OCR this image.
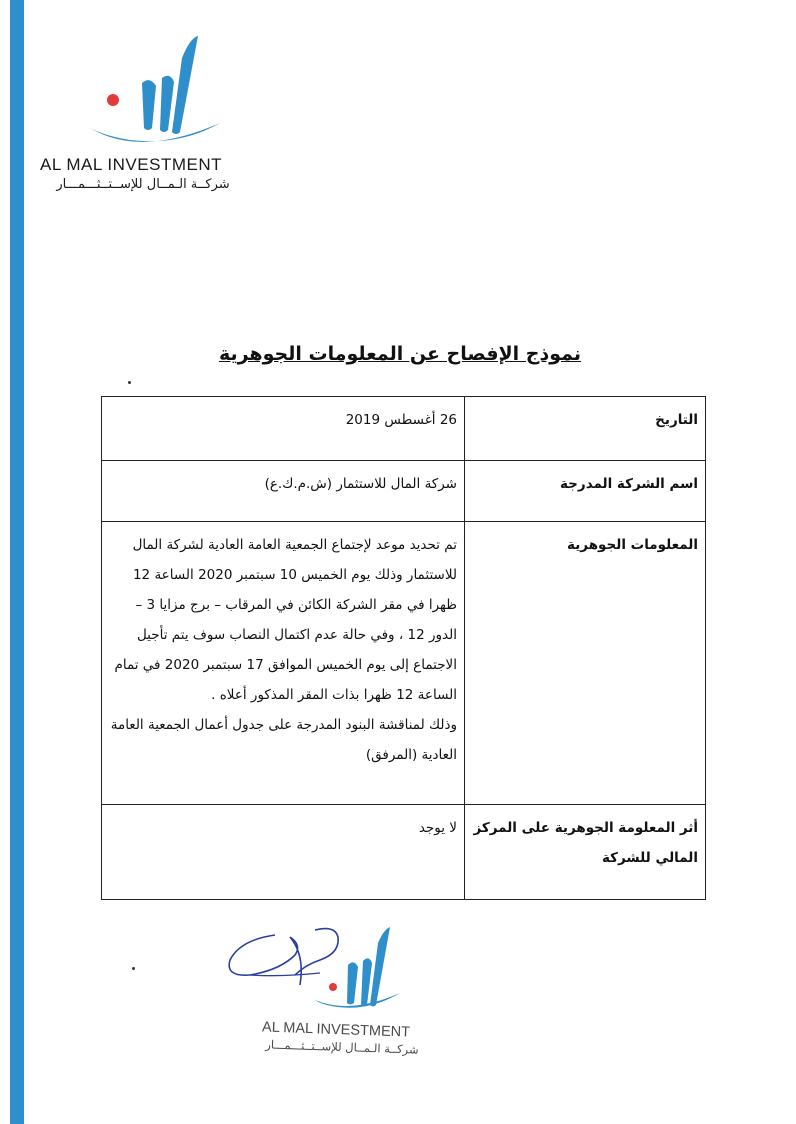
AL MAL INVESTMENT
شركــة الـمــال للإســتــثـــمـــار
نموذج الإفصاح عن المعلومات الجوهرية
التاريخ	26 أغسطس 2019
اسم الشركة المدرجة	شركة المال للاستثمار (ش.م.ك.ع)
المعلومات الجوهرية	تم تحديد موعد لإجتماع الجمعية العامة العادية لشركة المال للاستثمار وذلك يوم الخميس 10 سبتمبر 2020 الساعة 12 ظهرا في مقر الشركة الكائن في المرقاب – برج مزايا 3 – الدور 12 ، وفي حالة عدم اكتمال النصاب سوف يتم تأجيل الاجتماع إلى يوم الخميس الموافق 17 سبتمبر 2020 في تمام الساعة 12 ظهرا بذات المقر المذكور أعلاه .
وذلك لمناقشة البنود المدرجة على جدول أعمال الجمعية العامة العادية (المرفق)

أثر المعلومة الجوهرية على المركز المالي للشركة	لا يوجد
AL MAL INVESTMENT
شركــة الـمــال للإســتــثـــمـــار
